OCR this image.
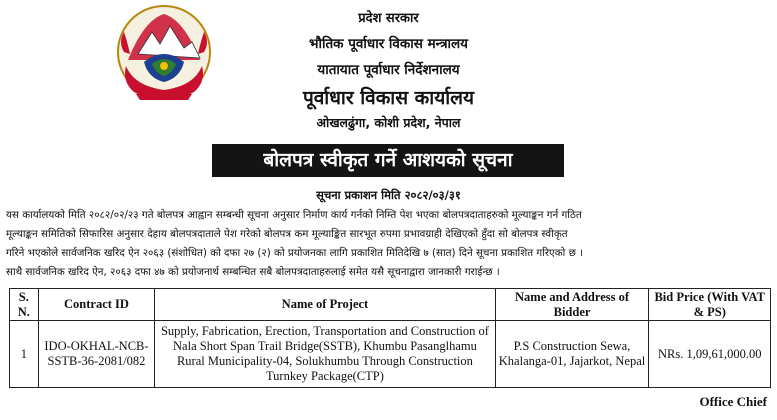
प्रदेश सरकार
भौतिक पूर्वाधार विकास मन्त्रालय
यातायात पूर्वाधार निर्देशनालय
पूर्वाधार विकास कार्यालय
ओखलढुंगा, कोशी प्रदेश, नेपाल
बोलपत्र स्वीकृत गर्ने आशयको सूचना
सूचना प्रकाशन मिति २०८२/०३/३१
यस कार्यालयको मिति २०८२/०२/२३ गते बोलपत्र आह्वान सम्बन्धी सूचना अनुसार निर्माण कार्य गर्नको निम्ति पेश भएका बोलपत्रदाताहरुको मूल्याङ्कन गर्न गठित
मूल्याङ्कन समितिको सिफारिस अनुसार देहाय बोलपत्रदाताले पेश गरेको बोलपत्र कम मूल्याङ्कित सारभूत रुपमा प्रभावग्राही देखिएको हुँदा सो बोलपत्र स्वीकृत
गरिने भएकोले सार्वजनिक खरिद ऐन २०६३ (संशोधित) को दफा २७ (२) को प्रयोजनका लागि प्रकाशित मितिदेखि ७ (सात) दिने सूचना प्रकाशित गरिएको छ ।
साथै सार्वजनिक खरिद ऐन, २०६३ दफा ४७ को प्रयोजनार्थ सम्बन्धित सबै बोलपत्रदाताहरुलाई समेत यसै सूचनाद्वारा जानकारी गराईन्छ ।
S. N.	Contract ID	Name of Project	Name and Address of Bidder	Bid Price (With VAT & PS)
1	IDO-OKHAL-NCB-SSTB-36-2081/082	Supply, Fabrication, Erection, Transportation and Construction of Nala Short Span Trail Bridge(SSTB), Khumbu Pasanglhamu Rural Municipality-04, Solukhumbu Through Construction Turnkey Package(CTP)	P.S Construction Sewa, Khalanga-01, Jajarkot, Nepal	NRs. 1,09,61,000.00
Office Chief
